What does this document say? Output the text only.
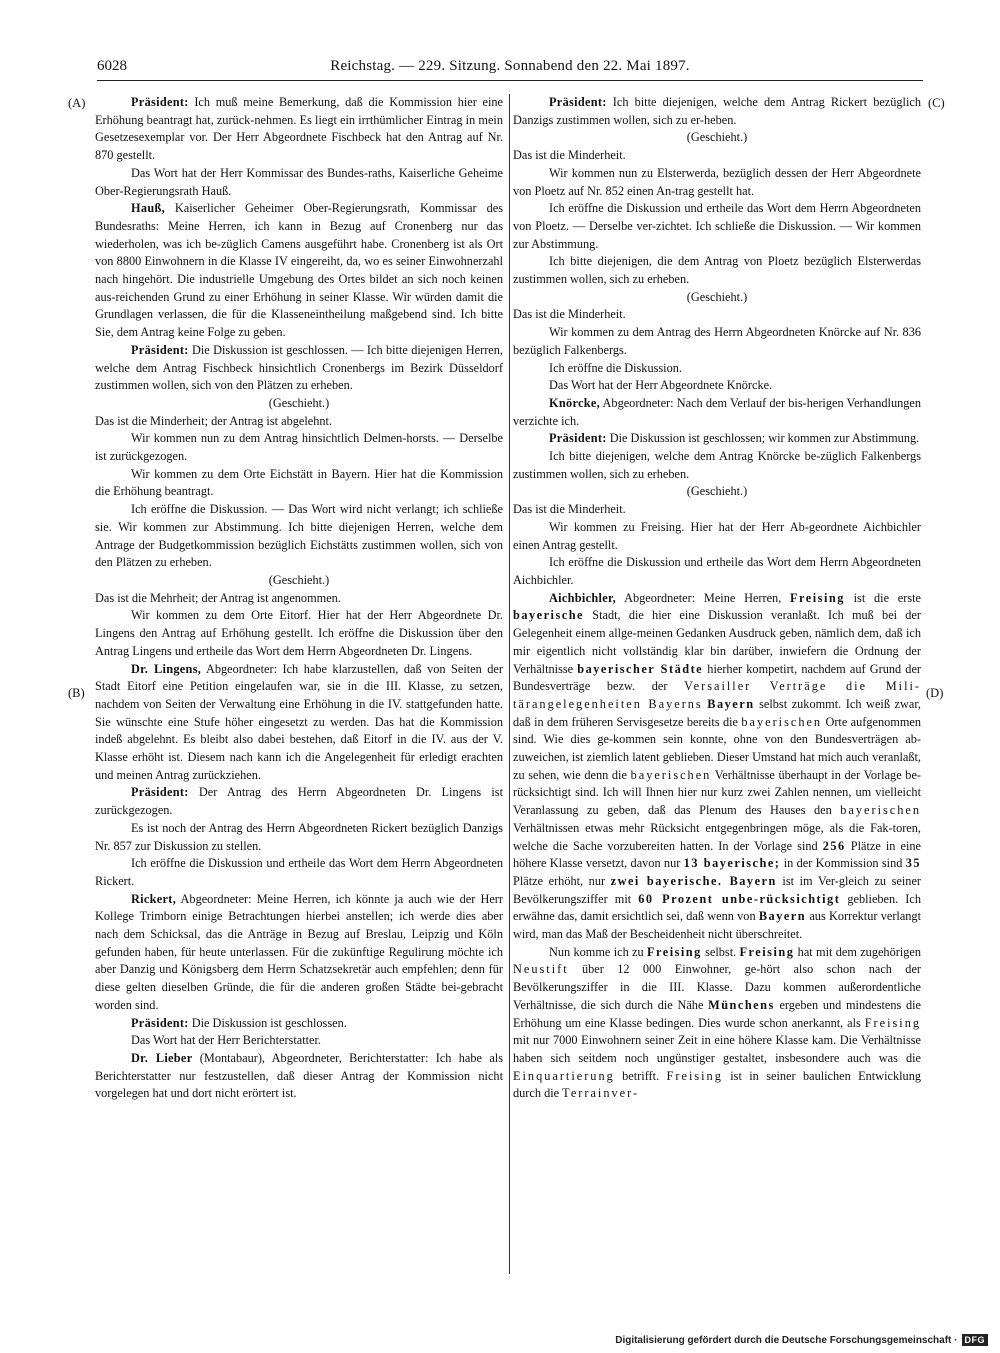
6028	Reichstag. — 229. Sitzung. Sonnabend den 22. Mai 1897.
(A)
(B)
(C)
(D)

Präsident: Ich muß meine Bemerkung, daß die Kommission hier eine Erhöhung beantragt hat, zurück-nehmen. Es liegt ein irrthümlicher Eintrag in mein Gesetzesexemplar vor. Der Herr Abgeordnete Fischbeck hat den Antrag auf Nr. 870 gestellt.

Das Wort hat der Herr Kommissar des Bundes-raths, Kaiserliche Geheime Ober-Regierungsrath Hauß.

Hauß, Kaiserlicher Geheimer Ober-Regierungsrath, Kommissar des Bundesraths: Meine Herren, ich kann in Bezug auf Cronenberg nur das wiederholen, was ich be-züglich Camens ausgeführt habe. Cronenberg ist als Ort von 8800 Einwohnern in die Klasse IV eingereiht, da, wo es seiner Einwohnerzahl nach hingehört. Die industrielle Umgebung des Ortes bildet an sich noch keinen aus-reichenden Grund zu einer Erhöhung in seiner Klasse. Wir würden damit die Grundlagen verlassen, die für die Klasseneintheilung maßgebend sind. Ich bitte Sie, dem Antrag keine Folge zu geben.

Präsident: Die Diskussion ist geschlossen. — Ich bitte diejenigen Herren, welche dem Antrag Fischbeck hinsichtlich Cronenbergs im Bezirk Düsseldorf zustimmen wollen, sich von den Plätzen zu erheben.

(Geschieht.)

Das ist die Minderheit; der Antrag ist abgelehnt.

Wir kommen nun zu dem Antrag hinsichtlich Delmen-horsts. — Derselbe ist zurückgezogen.

Wir kommen zu dem Orte Eichstätt in Bayern. Hier hat die Kommission die Erhöhung beantragt.

Ich eröffne die Diskussion. — Das Wort wird nicht verlangt; ich schließe sie. Wir kommen zur Abstimmung. Ich bitte diejenigen Herren, welche dem Antrage der Budgetkommission bezüglich Eichstätts zustimmen wollen, sich von den Plätzen zu erheben.

(Geschieht.)

Das ist die Mehrheit; der Antrag ist angenommen.

Wir kommen zu dem Orte Eitorf. Hier hat der Herr Abgeordnete Dr. Lingens den Antrag auf Erhöhung gestellt. Ich eröffne die Diskussion über den Antrag Lingens und ertheile das Wort dem Herrn Abgeordneten Dr. Lingens.

Dr. Lingens, Abgeordneter: Ich habe klarzustellen, daß von Seiten der Stadt Eitorf eine Petition eingelaufen war, sie in die III. Klasse, zu setzen, nachdem von Seiten der Verwaltung eine Erhöhung in die IV. stattgefunden hatte. Sie wünschte eine Stufe höher eingesetzt zu werden. Das hat die Kommission indeß abgelehnt. Es bleibt also dabei bestehen, daß Eitorf in die IV. aus der V. Klasse erhöht ist. Diesem nach kann ich die Angelegenheit für erledigt erachten und meinen Antrag zurückziehen.

Präsident: Der Antrag des Herrn Abgeordneten Dr. Lingens ist zurückgezogen.

Es ist noch der Antrag des Herrn Abgeordneten Rickert bezüglich Danzigs Nr. 857 zur Diskussion zu stellen.

Ich eröffne die Diskussion und ertheile das Wort dem Herrn Abgeordneten Rickert.

Rickert, Abgeordneter: Meine Herren, ich könnte ja auch wie der Herr Kollege Trimborn einige Betrachtungen hierbei anstellen; ich werde dies aber nach dem Schicksal, das die Anträge in Bezug auf Breslau, Leipzig und Köln gefunden haben, für heute unterlassen. Für die zukünftige Regulirung möchte ich aber Danzig und Königsberg dem Herrn Schatzsekretär auch empfehlen; denn für diese gelten dieselben Gründe, die für die anderen großen Städte bei-gebracht worden sind.

Präsident: Die Diskussion ist geschlossen.

Das Wort hat der Herr Berichterstatter.

Dr. Lieber (Montabaur), Abgeordneter, Berichterstatter: Ich habe als Berichterstatter nur festzustellen, daß dieser Antrag der Kommission nicht vorgelegen hat und dort nicht erörtert ist.

Präsident: Ich bitte diejenigen, welche dem Antrag Rickert bezüglich Danzigs zustimmen wollen, sich zu er-heben.

(Geschieht.)

Das ist die Minderheit.

Wir kommen nun zu Elsterwerda, bezüglich dessen der Herr Abgeordnete von Ploetz auf Nr. 852 einen An-trag gestellt hat.

Ich eröffne die Diskussion und ertheile das Wort dem Herrn Abgeordneten von Ploetz. — Derselbe ver-zichtet. Ich schließe die Diskussion. — Wir kommen zur Abstimmung.

Ich bitte diejenigen, die dem Antrag von Ploetz bezüglich Elsterwerdas zustimmen wollen, sich zu erheben.

(Geschieht.)

Das ist die Minderheit.

Wir kommen zu dem Antrag des Herrn Abgeordneten Knörcke auf Nr. 836 bezüglich Falkenbergs.

Ich eröffne die Diskussion.

Das Wort hat der Herr Abgeordnete Knörcke.

Knörcke, Abgeordneter: Nach dem Verlauf der bis-herigen Verhandlungen verzichte ich.

Präsident: Die Diskussion ist geschlossen; wir kommen zur Abstimmung.

Ich bitte diejenigen, welche dem Antrag Knörcke be-züglich Falkenbergs zustimmen wollen, sich zu erheben.

(Geschieht.)

Das ist die Minderheit.

Wir kommen zu Freising. Hier hat der Herr Ab-geordnete Aichbichler einen Antrag gestellt.

Ich eröffne die Diskussion und ertheile das Wort dem Herrn Abgeordneten Aichbichler.

Aichbichler, Abgeordneter: Meine Herren, Freising ist die erste bayerische Stadt, die hier eine Diskussion veranlaßt. Ich muß bei der Gelegenheit einem allge-meinen Gedanken Ausdruck geben, nämlich dem, daß ich mir eigentlich nicht vollständig klar bin darüber, inwiefern die Ordnung der Verhältnisse bayerischer Städte hierher kompetirt, nachdem auf Grund der Bundesverträge bezw. der Versailler Verträge die Mili-tärangelegenheiten Bayerns Bayern selbst zukommt. Ich weiß zwar, daß in dem früheren Servisgesetze bereits die bayerischen Orte aufgenommen sind. Wie dies ge-kommen sein konnte, ohne von den Bundesverträgen ab-zuweichen, ist ziemlich latent geblieben. Dieser Umstand hat mich auch veranlaßt, zu sehen, wie denn die bayerischen Verhältnisse überhaupt in der Vorlage be-rücksichtigt sind. Ich will Ihnen hier nur kurz zwei Zahlen nennen, um vielleicht Veranlassung zu geben, daß das Plenum des Hauses den bayerischen Verhältnissen etwas mehr Rücksicht entgegenbringen möge, als die Fak-toren, welche die Sache vorzubereiten hatten. In der Vorlage sind 256 Plätze in eine höhere Klasse versetzt, davon nur 13 bayerische; in der Kommission sind 35 Plätze erhöht, nur zwei bayerische. Bayern ist im Ver-gleich zu seiner Bevölkerungsziffer mit 60 Prozent unbe-rücksichtigt geblieben. Ich erwähne das, damit ersichtlich sei, daß wenn von Bayern aus Korrektur verlangt wird, man das Maß der Bescheidenheit nicht überschreitet.

Nun komme ich zu Freising selbst. Freising hat mit dem zugehörigen Neustift über 12 000 Einwohner, ge-hört also schon nach der Bevölkerungsziffer in die III. Klasse. Dazu kommen außerordentliche Verhältnisse, die sich durch die Nähe Münchens ergeben und mindestens die Erhöhung um eine Klasse bedingen. Dies wurde schon anerkannt, als Freising mit nur 7000 Einwohnern seiner Zeit in eine höhere Klasse kam. Die Verhältnisse haben sich seitdem noch ungünstiger gestaltet, insbesondere auch was die Einquartierung betrifft. Freising ist in seiner baulichen Entwicklung durch die Terrainver-

Digitalisierung gefördert durch die Deutsche Forschungsgemeinschaft · DFG
